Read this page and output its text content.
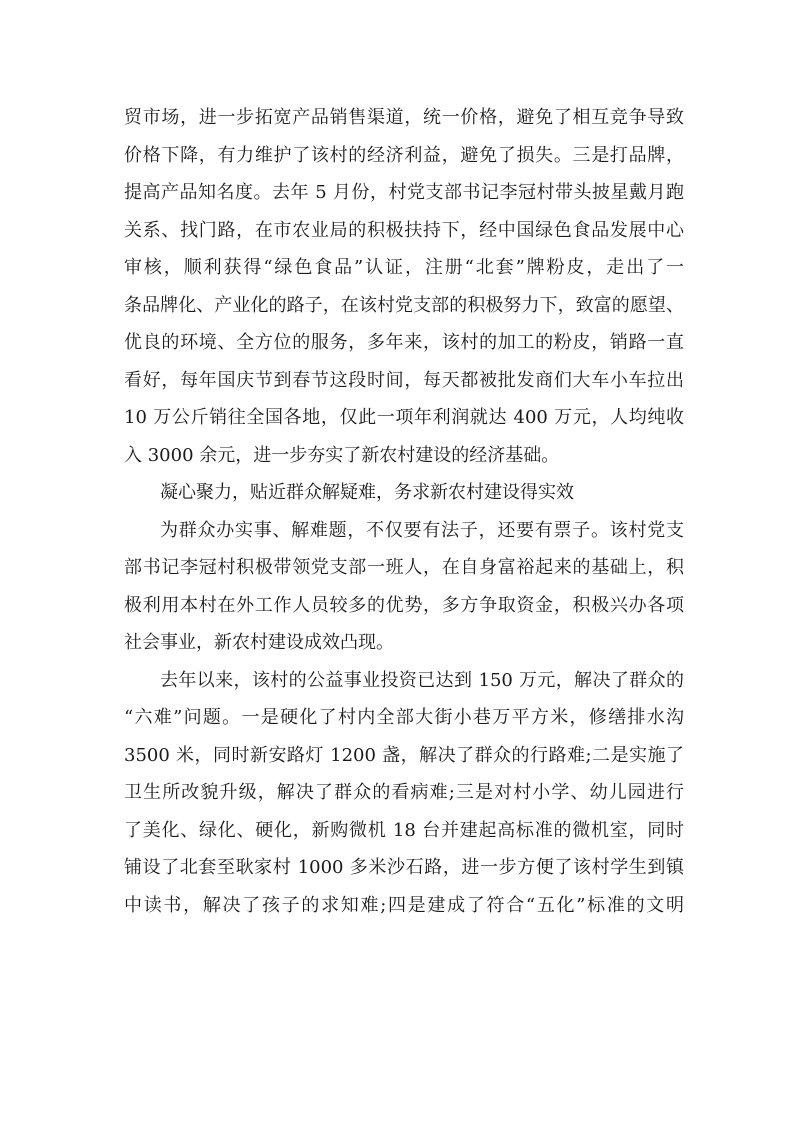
贸市场，进一步拓宽产品销售渠道，统一价格，避免了相互竞争导致
价格下降，有力维护了该村的经济利益，避免了损失。三是打品牌，
提高产品知名度。去年 5 月份，村党支部书记李冠村带头披星戴月跑
关系、找门路，在市农业局的积极扶持下，经中国绿色食品发展中心
审核，顺利获得“绿色食品”认证，注册“北套”牌粉皮，走出了一
条品牌化、产业化的路子，在该村党支部的积极努力下，致富的愿望、
优良的环境、全方位的服务，多年来，该村的加工的粉皮，销路一直
看好，每年国庆节到春节这段时间，每天都被批发商们大车小车拉出
10 万公斤销往全国各地，仅此一项年利润就达 400 万元，人均纯收
入 3000 余元，进一步夯实了新农村建设的经济基础。
凝心聚力，贴近群众解疑难，务求新农村建设得实效
为群众办实事、解难题，不仅要有法子，还要有票子。该村党支
部书记李冠村积极带领党支部一班人，在自身富裕起来的基础上，积
极利用本村在外工作人员较多的优势，多方争取资金，积极兴办各项
社会事业，新农村建设成效凸现。
去年以来，该村的公益事业投资已达到 150 万元，解决了群众的
“六难”问题。一是硬化了村内全部大街小巷万平方米，修缮排水沟
3500 米，同时新安路灯 1200 盏，解决了群众的行路难;二是实施了
卫生所改貌升级，解决了群众的看病难;三是对村小学、幼儿园进行
了美化、绿化、硬化，新购微机 18 台并建起高标准的微机室，同时
铺设了北套至耿家村 1000 多米沙石路，进一步方便了该村学生到镇
中读书，解决了孩子的求知难;四是建成了符合“五化”标准的文明
